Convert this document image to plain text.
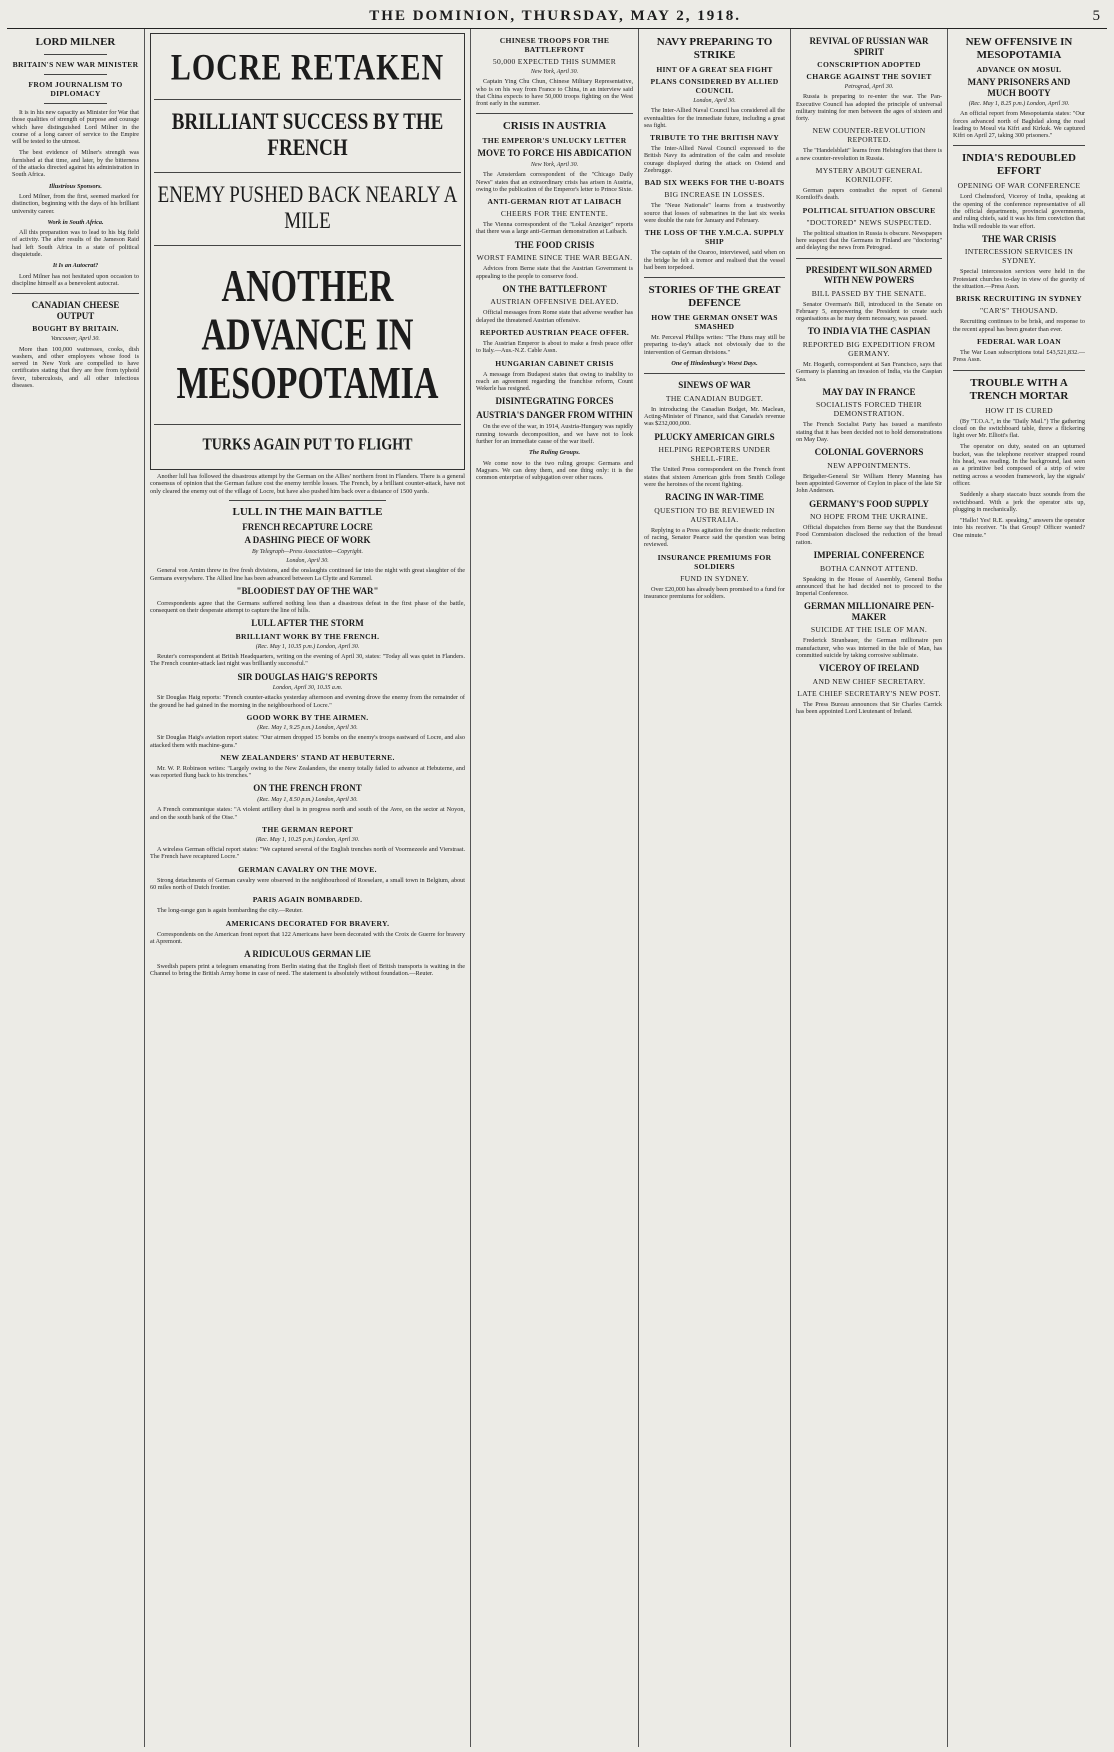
THE DOMINION, THURSDAY, MAY 2, 1918.	5
LORD MILNER
BRITAIN'S NEW WAR MINISTER
FROM JOURNALISM TO DIPLOMACY

It is in his new capacity as Minister for War that those qualities of strength of purpose and courage which have distinguished Lord Milner in the course of a long career of service to the Empire will be tested to the utmost.

The best evidence of Milner's strength was furnished at that time, and later, by the bitterness of the attacks directed against his administration in South Africa.

Illustrious Sponsors.

Lord Milner, from the first, seemed marked for distinction, beginning with the days of his brilliant university career.

Work in South Africa.

All this preparation was to lead to his big field of activity. The after results of the Jameson Raid had left South Africa in a state of political disquietude.

It Is an Autocrat?

Lord Milner has not hesitated upon occasion to discipline himself as a benevolent autocrat.

CANADIAN CHEESE OUTPUT
BOUGHT BY BRITAIN.
Vancouver, April 30.

More than 100,000 waitresses, cooks, dish washers, and other employees whose food is served in New York are compelled to have certificates stating that they are free from typhoid fever, tuberculosis, and all other infectious diseases.

LOCRE RETAKEN
BRILLIANT SUCCESS BY THE FRENCH
ENEMY PUSHED BACK NEARLY A MILE
ANOTHER ADVANCE IN MESOPOTAMIA
TURKS AGAIN PUT TO FLIGHT

Another lull has followed the disastrous attempt by the German on the Allies' northern front in Flanders. There is a general consensus of opinion that the German failure cost the enemy terrible losses. The French, by a brilliant counter-attack, have not only cleared the enemy out of the village of Locre, but have also pushed him back over a distance of 1500 yards.

LULL IN THE MAIN BATTLE
FRENCH RECAPTURE LOCRE
A DASHING PIECE OF WORK
By Telegraph—Press Association—Copyright.
London, April 30.

General von Arnim threw in five fresh divisions, and the onslaughts continued far into the night with great slaughter of the Germans everywhere. The Allied line has been advanced between La Clytte and Kemmel.

"BLOODIEST DAY OF THE WAR"

Correspondents agree that the Germans suffered nothing less than a disastrous defeat in the first phase of the battle, consequent on their desperate attempt to capture the line of hills.

LULL AFTER THE STORM
BRILLIANT WORK BY THE FRENCH.
(Rec. May 1, 10.35 p.m.) London, April 30.

Reuter's correspondent at British Headquarters, writing on the evening of April 30, states: "Today all was quiet in Flanders. The French counter-attack last night was brilliantly successful."

SIR DOUGLAS HAIG'S REPORTS
London, April 30, 10.35 a.m.

Sir Douglas Haig reports: "French counter-attacks yesterday afternoon and evening drove the enemy from the remainder of the ground he had gained in the morning in the neighbourhood of Locre."

GOOD WORK BY THE AIRMEN.
(Rec. May 1, 9.25 p.m.) London, April 30.

Sir Douglas Haig's aviation report states: "Our airmen dropped 15 bombs on the enemy's troops eastward of Locre, and also attacked them with machine-guns."

NEW ZEALANDERS' STAND AT HEBUTERNE.

Mr. W. P. Robinson writes: "Largely owing to the New Zealanders, the enemy totally failed to advance at Hebuterne, and was reported flung back to his trenches."

ON THE FRENCH FRONT
(Rec. May 1, 8.50 p.m.) London, April 30.

A French communique states: "A violent artillery duel is in progress north and south of the Avre, on the sector at Noyon, and on the south bank of the Oise."

THE GERMAN REPORT
(Rec. May 1, 10.25 p.m.) London, April 30.

A wireless German official report states: "We captured several of the English trenches north of Voormezeele and Vierstraat. The French have recaptured Locre."

GERMAN CAVALRY ON THE MOVE.

Strong detachments of German cavalry were observed in the neighbourhood of Roeselare, a small town in Belgium, about 60 miles north of Dutch frontier.

PARIS AGAIN BOMBARDED.

The long-range gun is again bombarding the city.—Reuter.

AMERICANS DECORATED FOR BRAVERY.

Correspondents on the American front report that 122 Americans have been decorated with the Croix de Guerre for bravery at Apremont.

A RIDICULOUS GERMAN LIE

Swedish papers print a telegram emanating from Berlin stating that the English fleet of British transports is waiting in the Channel to bring the British Army home in case of need. The statement is absolutely without foundation.—Reuter.

CHINESE TROOPS FOR THE BATTLEFRONT
50,000 EXPECTED THIS SUMMER
New York, April 30.

Captain Ying Chu Chun, Chinese Military Representative, who is on his way from France to China, in an interview said that China expects to have 50,000 troops fighting on the West front early in the summer.

CRISIS IN AUSTRIA
THE EMPEROR'S UNLUCKY LETTER
MOVE TO FORCE HIS ABDICATION
New York, April 30.

The Amsterdam correspondent of the "Chicago Daily News" states that an extraordinary crisis has arisen in Austria, owing to the publication of the Emperor's letter to Prince Sixte.

ANTI-GERMAN RIOT AT LAIBACH
CHEERS FOR THE ENTENTE.

The Vienna correspondent of the "Lokal Anzeiger" reports that there was a large anti-German demonstration at Laibach.

THE FOOD CRISIS
WORST FAMINE SINCE THE WAR BEGAN.

Advices from Berne state that the Austrian Government is appealing to the people to conserve food.

ON THE BATTLEFRONT
AUSTRIAN OFFENSIVE DELAYED.

Official messages from Rome state that adverse weather has delayed the threatened Austrian offensive.

REPORTED AUSTRIAN PEACE OFFER.

The Austrian Emperor is about to make a fresh peace offer to Italy.—Aus.-N.Z. Cable Assn.

HUNGARIAN CABINET CRISIS

A message from Budapest states that owing to inability to reach an agreement regarding the franchise reform, Count Wekerle has resigned.

DISINTEGRATING FORCES
AUSTRIA'S DANGER FROM WITHIN

On the eve of the war, in 1914, Austria-Hungary was rapidly running towards decomposition, and we have not to look further for an immediate cause of the war itself.

The Ruling Groups.

We come now to the two ruling groups: Germans and Magyars. We can deny them, and one thing only: it is the common enterprise of subjugation over other races.

NAVY PREPARING TO STRIKE
HINT OF A GREAT SEA FIGHT
PLANS CONSIDERED BY ALLIED COUNCIL
London, April 30.

The Inter-Allied Naval Council has considered all the eventualities for the immediate future, including a great sea fight.

TRIBUTE TO THE BRITISH NAVY

The Inter-Allied Naval Council expressed to the British Navy its admiration of the calm and resolute courage displayed during the attack on Ostend and Zeebrugge.

BAD SIX WEEKS FOR THE U-BOATS
BIG INCREASE IN LOSSES.

The "Neue Nationale" learns from a trustworthy source that losses of submarines in the last six weeks were double the rate for January and February.

THE LOSS OF THE Y.M.C.A. SUPPLY SHIP

The captain of the Ozaroo, interviewed, said when on the bridge he felt a tremor and realised that the vessel had been torpedoed.

STORIES OF THE GREAT DEFENCE
HOW THE GERMAN ONSET WAS SMASHED

Mr. Perceval Phillips writes: "The Huns may still be preparing to-day's attack not obviously due to the intervention of German divisions."

One of Hindenburg's Worst Days.
SINEWS OF WAR
THE CANADIAN BUDGET.

In introducing the Canadian Budget, Mr. Maclean, Acting-Minister of Finance, said that Canada's revenue was $232,000,000.

PLUCKY AMERICAN GIRLS
HELPING REPORTERS UNDER SHELL-FIRE.

The United Press correspondent on the French front states that sixteen American girls from Smith College were the heroines of the recent fighting.

RACING IN WAR-TIME
QUESTION TO BE REVIEWED IN AUSTRALIA.

Replying to a Press agitation for the drastic reduction of racing, Senator Pearce said the question was being reviewed.

INSURANCE PREMIUMS FOR SOLDIERS
FUND IN SYDNEY.

Over £20,000 has already been promised to a fund for insurance premiums for soldiers.

REVIVAL OF RUSSIAN WAR SPIRIT
CONSCRIPTION ADOPTED
CHARGE AGAINST THE SOVIET
Petrograd, April 30.

Russia is preparing to re-enter the war. The Pan-Executive Council has adopted the principle of universal military training for men between the ages of sixteen and forty.

NEW COUNTER-REVOLUTION REPORTED.

The "Handelsblatt" learns from Helsingfors that there is a new counter-revolution in Russia.

MYSTERY ABOUT GENERAL KORNILOFF.

German papers contradict the report of General Korniloff's death.

POLITICAL SITUATION OBSCURE
"DOCTORED" NEWS SUSPECTED.

The political situation in Russia is obscure. Newspapers here suspect that the Germans in Finland are "doctoring" and delaying the news from Petrograd.

PRESIDENT WILSON ARMED WITH NEW POWERS
BILL PASSED BY THE SENATE.

Senator Overman's Bill, introduced in the Senate on February 5, empowering the President to create such organisations as he may deem necessary, was passed.

TO INDIA VIA THE CASPIAN
REPORTED BIG EXPEDITION FROM GERMANY.

Mr. Hogarth, correspondent at San Francisco, says that Germany is planning an invasion of India, via the Caspian Sea.

MAY DAY IN FRANCE
SOCIALISTS FORCED THEIR DEMONSTRATION.

The French Socialist Party has issued a manifesto stating that it has been decided not to hold demonstrations on May Day.

COLONIAL GOVERNORS
NEW APPOINTMENTS.

Brigadier-General Sir William Henry Manning has been appointed Governor of Ceylon in place of the late Sir John Anderson.

GERMANY'S FOOD SUPPLY
NO HOPE FROM THE UKRAINE.

Official dispatches from Berne say that the Bundesrat Food Commission disclosed the reduction of the bread ration.

IMPERIAL CONFERENCE
BOTHA CANNOT ATTEND.

Speaking in the House of Assembly, General Botha announced that he had decided not to proceed to the Imperial Conference.

GERMAN MILLIONAIRE PEN-MAKER
SUICIDE AT THE ISLE OF MAN.

Frederick Stranbauer, the German millionaire pen manufacturer, who was interned in the Isle of Man, has committed suicide by taking corrosive sublimate.

VICEROY OF IRELAND
AND NEW CHIEF SECRETARY.
LATE CHIEF SECRETARY'S NEW POST.

The Press Bureau announces that Sir Charles Carrick has been appointed Lord Lieutenant of Ireland.

NEW OFFENSIVE IN MESOPOTAMIA
ADVANCE ON MOSUL
MANY PRISONERS AND MUCH BOOTY
(Rec. May 1, 8.25 p.m.) London, April 30.

An official report from Mesopotamia states: "Our forces advanced north of Baghdad along the road leading to Mosul via Kifri and Kirkuk. We captured Kifri on April 27, taking 300 prisoners."

INDIA'S REDOUBLED EFFORT
OPENING OF WAR CONFERENCE

Lord Chelmsford, Viceroy of India, speaking at the opening of the conference representative of all the official departments, provincial governments, and ruling chiefs, said it was his firm conviction that India will redouble its war effort.

THE WAR CRISIS
INTERCESSION SERVICES IN SYDNEY.

Special intercession services were held in the Protestant churches to-day in view of the gravity of the situation.—Press Assn.

BRISK RECRUITING IN SYDNEY
"CAR'S" THOUSAND.

Recruiting continues to be brisk, and response to the recent appeal has been greater than ever.

FEDERAL WAR LOAN

The War Loan subscriptions total £43,521,832.—Press Assn.

TROUBLE WITH A TRENCH MORTAR
HOW IT IS CURED

(By "T.O.A.", in the "Daily Mail.") The gathering cloud on the switchboard table, threw a flickering light over Mr. Elliott's flat.

The operator on duty, seated on an upturned bucket, was the telephone receiver strapped round his head, was reading. In the background, last seen as a primitive bed composed of a strip of wire netting across a wooden framework, lay the signals' officer.

Suddenly a sharp staccato buzz sounds from the switchboard. With a jerk the operator sits up, plugging in mechanically.

"Hallo! Yes! R.E. speaking," answers the operator into his receiver. "Is that Group? Officer wanted? One minute."
